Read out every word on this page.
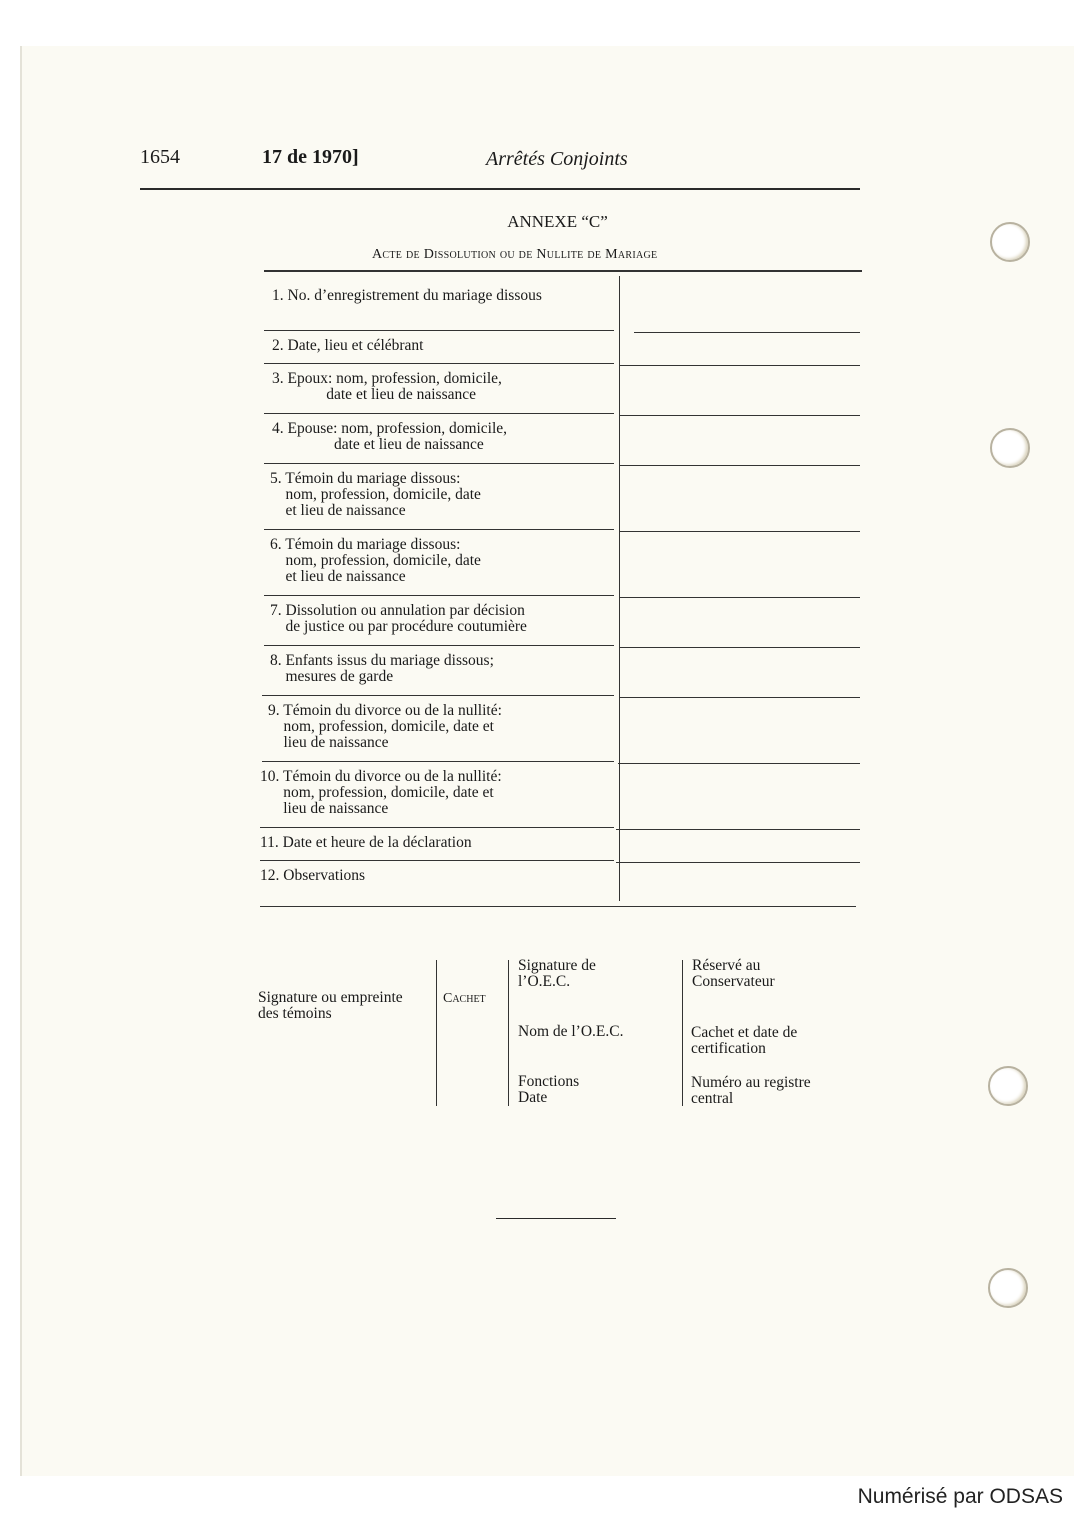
1654	17 de 1970]	Arrêtés Conjoints
ANNEXE “C”
Acte de Dissolution ou de Nullite de Mariage
1. No. d’enregistrement du mariage dissous
2. Date, lieu et célébrant
3. Epoux: nom, profession, domicile,
date et lieu de naissance
4. Epouse: nom, profession, domicile,
date et lieu de naissance
5. Témoin du mariage dissous:
nom, profession, domicile, date
et lieu de naissance
6. Témoin du mariage dissous:
nom, profession, domicile, date
et lieu de naissance
7. Dissolution ou annulation par décision
de justice ou par procédure coutumière
8. Enfants issus du mariage dissous;
mesures de garde
9. Témoin du divorce ou de la nullité:
nom, profession, domicile, date et
lieu de naissance
10. Témoin du divorce ou de la nullité:
nom, profession, domicile, date et
lieu de naissance
11. Date et heure de la déclaration
12. Observations
Signature ou empreinte
des témoins
Cachet
Signature de
l’O.E.C.
Nom de l’O.E.C.
Fonctions
Date
Réservé au
Conservateur
Cachet et date de
certification
Numéro au registre
central
Numérisé par ODSAS
